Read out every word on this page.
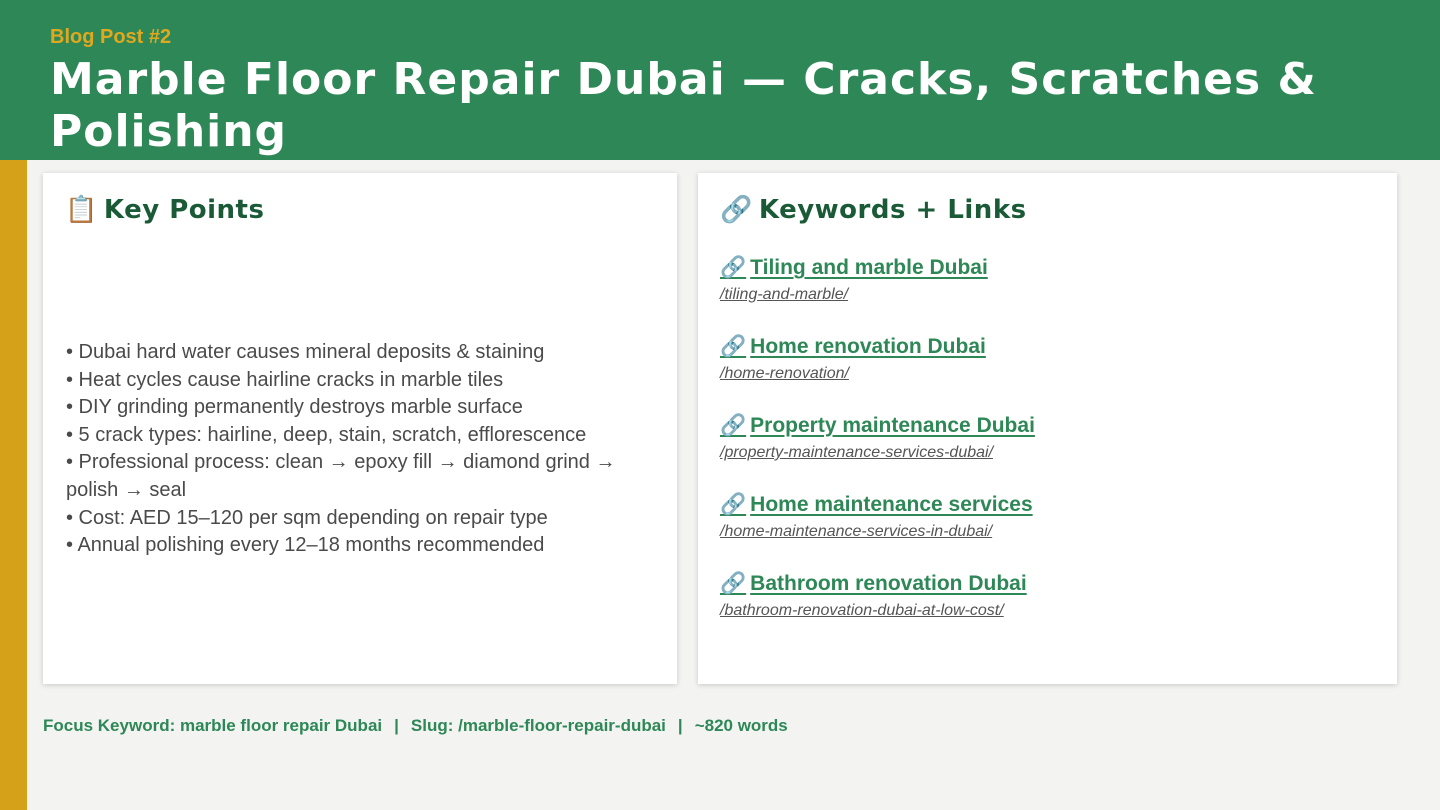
Blog Post #2
Marble Floor Repair Dubai — Cracks, Scratches & Polishing
📋 Key Points
• Dubai hard water causes mineral deposits & staining
• Heat cycles cause hairline cracks in marble tiles
• DIY grinding permanently destroys marble surface
• 5 crack types: hairline, deep, stain, scratch, efflorescence
• Professional process: clean → epoxy fill → diamond grind → polish → seal
• Cost: AED 15–120 per sqm depending on repair type
• Annual polishing every 12–18 months recommended
🔗 Keywords + Links
🔗 Tiling and marble Dubai
/tiling-and-marble/
🔗 Home renovation Dubai
/home-renovation/
🔗 Property maintenance Dubai
/property-maintenance-services-dubai/
🔗 Home maintenance services
/home-maintenance-services-in-dubai/
🔗 Bathroom renovation Dubai
/bathroom-renovation-dubai-at-low-cost/
Focus Keyword: marble floor repair Dubai | Slug: /marble-floor-repair-dubai | ~820 words
